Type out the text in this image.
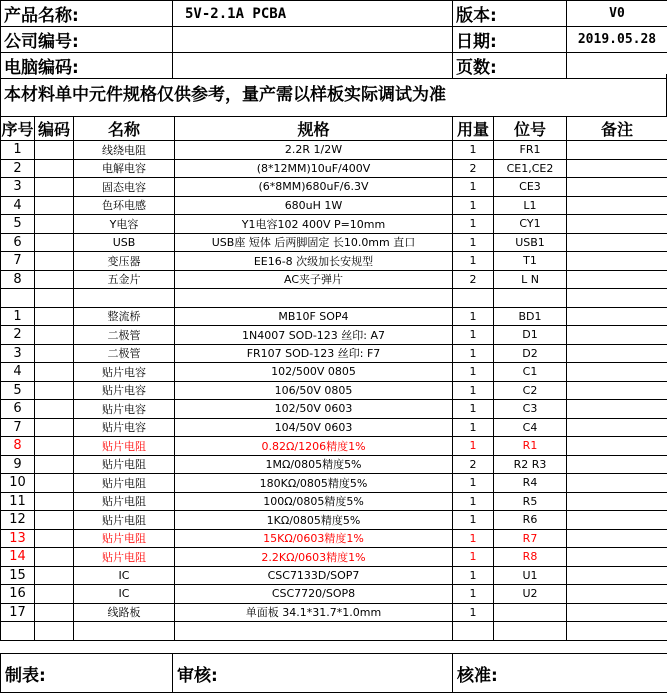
产品名称:	5V-2.1A PCBA	版本:	V0
公司编号:		日期:	2019.05.28
电脑编码:		页数:	
本材料单中元件规格仅供参考，量产需以样板实际调试为准
序号	编码	名称	规格	用量	位号	备注
1		线绕电阻	2.2R 1/2W	1	FR1	
2		电解电容	(8*12MM)10uF/400V	2	CE1,CE2	
3		固态电容	(6*8MM)680uF/6.3V	1	CE3	
4		色环电感	680uH 1W	1	L1	
5		Y电容	Y1电容102 400V P=10mm	1	CY1	
6		USB	USB座 短体 后两脚固定 长10.0mm 直口	1	USB1	
7		变压器	EE16-8 次级加长安规型	1	T1	
8		五金片	AC夹子弹片	2	L N	

1		整流桥	MB10F SOP4	1	BD1	
2		二极管	1N4007 SOD-123 丝印: A7	1	D1	
3		二极管	FR107 SOD-123 丝印: F7	1	D2	
4		贴片电容	102/500V 0805	1	C1	
5		贴片电容	106/50V 0805	1	C2	
6		贴片电容	102/50V 0603	1	C3	
7		贴片电容	104/50V 0603	1	C4	
8		贴片电阻	0.82Ω/1206精度1%	1	R1	
9		贴片电阻	1MΩ/0805精度5%	2	R2 R3	
10		贴片电阻	180KΩ/0805精度5%	1	R4	
11		贴片电阻	100Ω/0805精度5%	1	R5	
12		贴片电阻	1KΩ/0805精度5%	1	R6	
13		贴片电阻	15KΩ/0603精度1%	1	R7	
14		贴片电阻	2.2KΩ/0603精度1%	1	R8	
15		IC	CSC7133D/SOP7	1	U1	
16		IC	CSC7720/SOP8	1	U2	
17		线路板	单面板 34.1*31.7*1.0mm	1		

制表:	审核:	核准:
